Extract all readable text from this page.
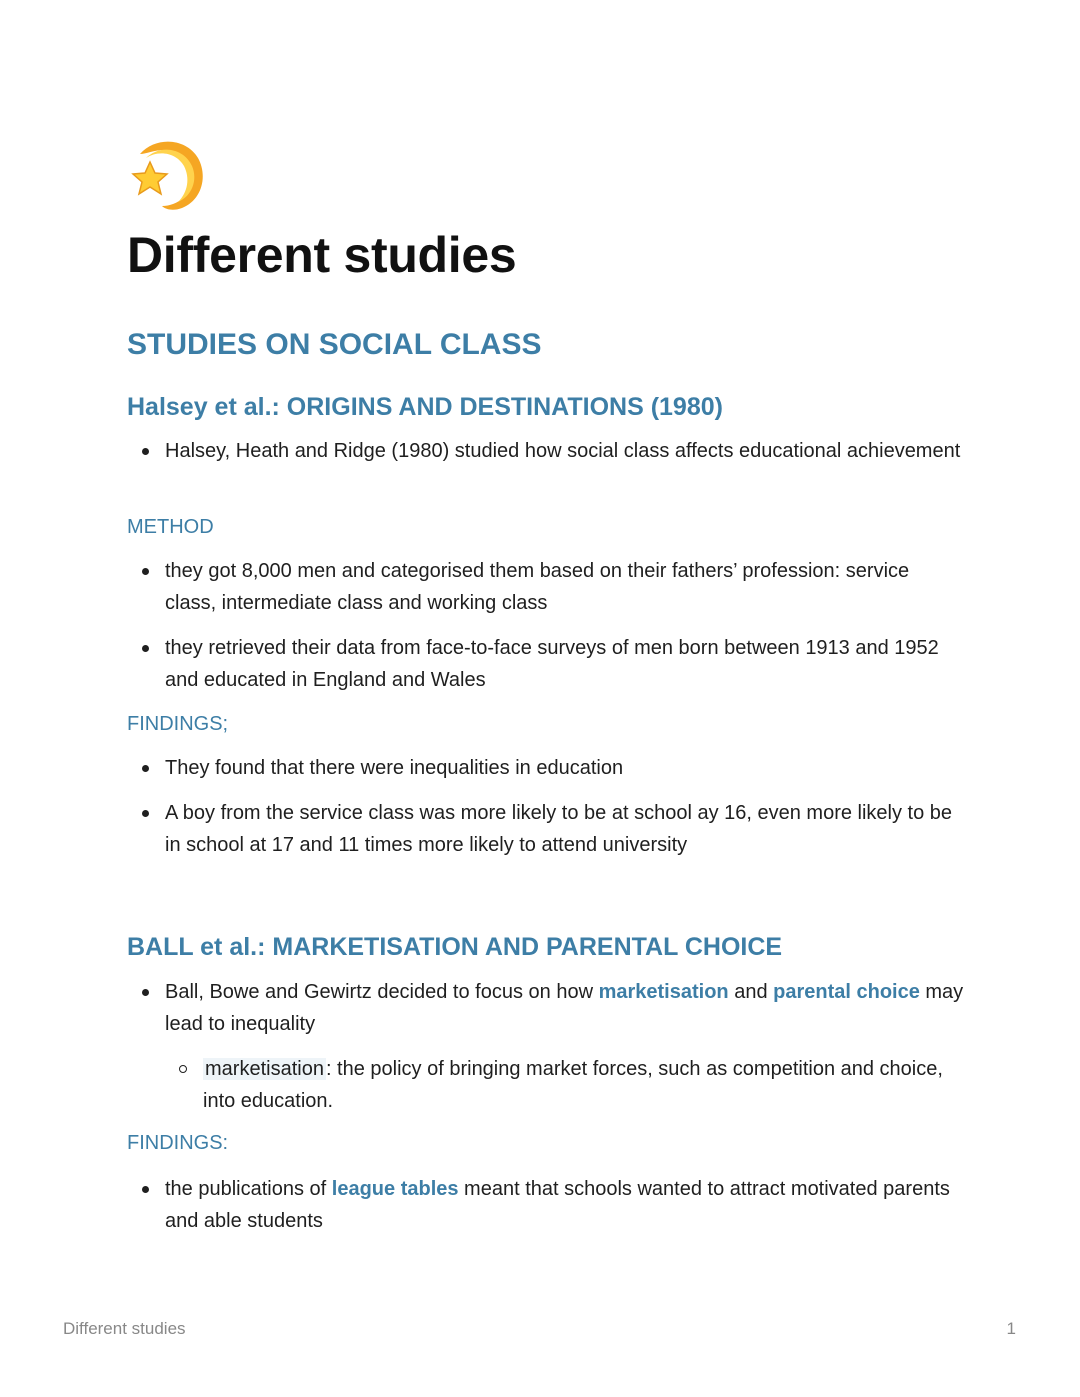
Different studies
STUDIES ON SOCIAL CLASS
Halsey et al.: ORIGINS AND DESTINATIONS (1980)

Halsey, Heath and Ridge (1980) studied how social class affects educational achievement

METHOD

they got 8,000 men and categorised them based on their fathers’ profession: service class, intermediate class and working class

they retrieved their data from face-to-face surveys of men born between 1913 and 1952 and educated in England and Wales

FINDINGS;

They found that there were inequalities in education

A boy from the service class was more likely to be at school ay 16, even more likely to be in school at 17 and 11 times more likely to attend university

BALL et al.: MARKETISATION AND PARENTAL CHOICE

Ball, Bowe and Gewirtz decided to focus on how marketisation and parental choice may lead to inequality

marketisation : the policy of bringing market forces, such as competition and choice, into education.

FINDINGS:

the publications of league tables meant that schools wanted to attract motivated parents and able students

Different studies	1
